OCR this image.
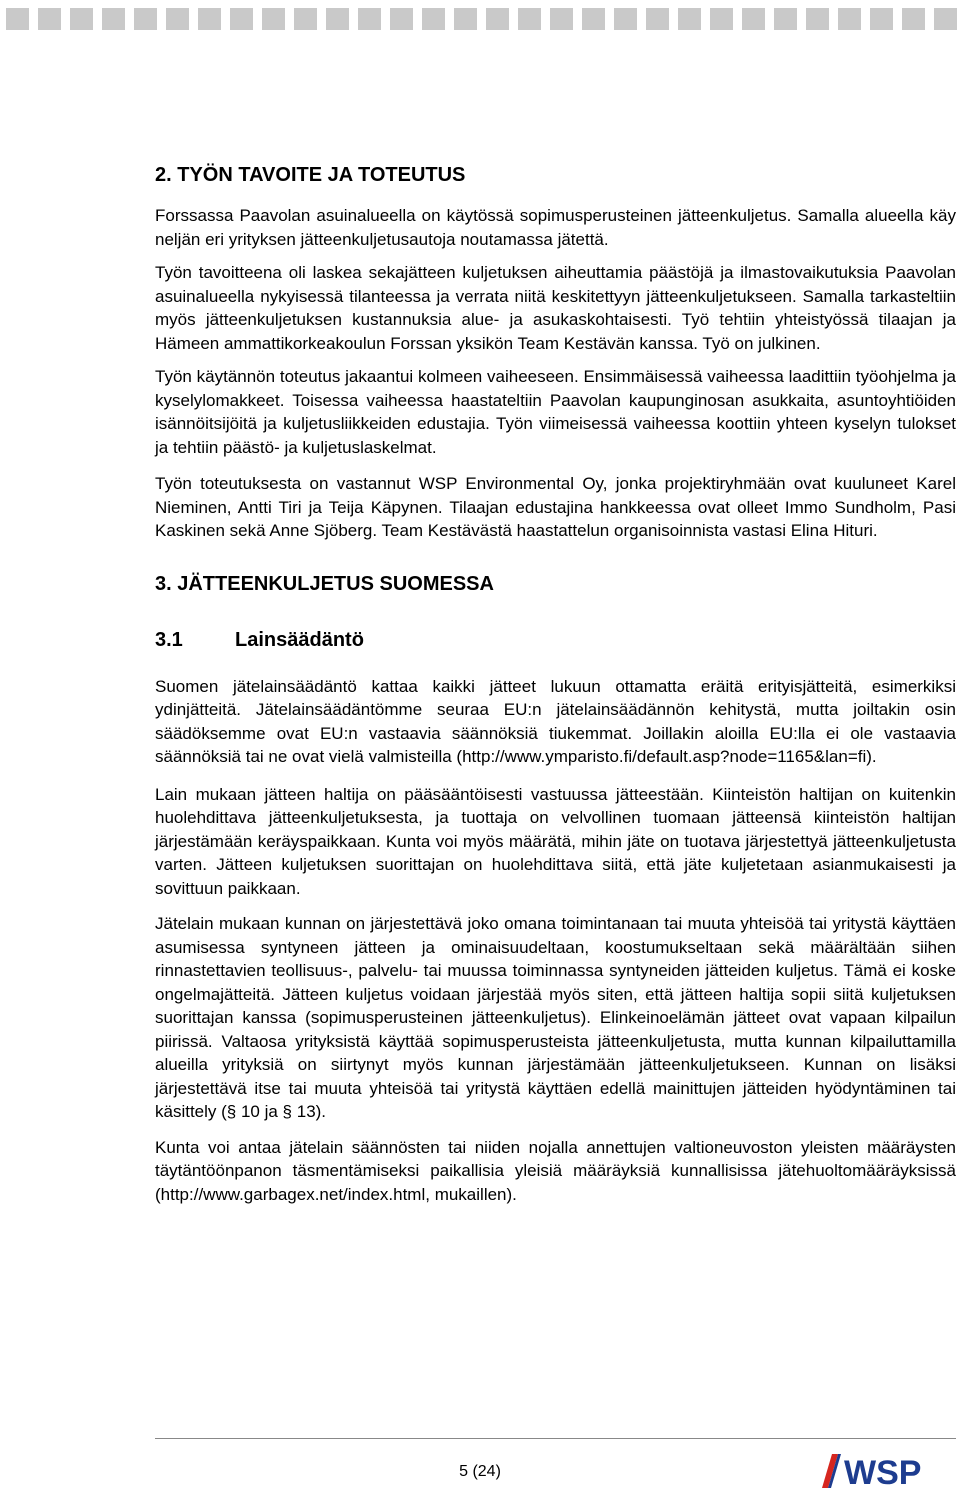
2. TYÖN TAVOITE JA TOTEUTUS

Forssassa Paavolan asuinalueella on käytössä sopimusperusteinen jätteenkuljetus. Samalla alueella käy neljän eri yrityksen jätteenkuljetusautoja noutamassa jätettä.

Työn tavoitteena oli laskea sekajätteen kuljetuksen aiheuttamia päästöjä ja ilmastovaikutuksia Paavolan asuinalueella nykyisessä tilanteessa ja verrata niitä keskitettyyn jätteenkuljetukseen. Samalla tarkasteltiin myös jätteenkuljetuksen kustannuksia alue- ja asukaskohtaisesti. Työ tehtiin yhteistyössä tilaajan ja Hämeen ammattikorkeakoulun Forssan yksikön Team Kestävän kanssa. Työ on julkinen.

Työn käytännön toteutus jakaantui kolmeen vaiheeseen. Ensimmäisessä vaiheessa laadittiin työohjelma ja kyselylomakkeet. Toisessa vaiheessa haastateltiin Paavolan kaupunginosan asukkaita, asuntoyhtiöiden isännöitsijöitä ja kuljetusliikkeiden edustajia. Työn viimeisessä vaiheessa koottiin yhteen kyselyn tulokset ja tehtiin päästö- ja kuljetuslaskelmat.

Työn toteutuksesta on vastannut WSP Environmental Oy, jonka projektiryhmään ovat kuuluneet Karel Nieminen, Antti Tiri ja Teija Käpynen. Tilaajan edustajina hankkeessa ovat olleet Immo Sundholm, Pasi Kaskinen sekä Anne Sjöberg. Team Kestävästä haastattelun organisoinnista vastasi Elina Hituri.

3. JÄTTEENKULJETUS SUOMESSA
3.1	Lainsäädäntö

Suomen jätelainsäädäntö kattaa kaikki jätteet lukuun ottamatta eräitä erityisjätteitä, esimerkiksi ydinjätteitä. Jätelainsäädäntömme seuraa EU:n jätelainsäädännön kehitystä, mutta joiltakin osin säädöksemme ovat EU:n vastaavia säännöksiä tiukemmat. Joillakin aloilla EU:lla ei ole vastaavia säännöksiä tai ne ovat vielä valmisteilla (http://www.ymparisto.fi/default.asp?node=1165&lan=fi).

Lain mukaan jätteen haltija on pääsääntöisesti vastuussa jätteestään. Kiinteistön haltijan on kuitenkin huolehdittava jätteenkuljetuksesta, ja tuottaja on velvollinen tuomaan jätteensä kiinteistön haltijan järjestämään keräyspaikkaan. Kunta voi myös määrätä, mihin jäte on tuotava järjestettyä jätteenkuljetusta varten. Jätteen kuljetuksen suorittajan on huolehdittava siitä, että jäte kuljetetaan asianmukaisesti ja sovittuun paikkaan.

Jätelain mukaan kunnan on järjestettävä joko omana toimintanaan tai muuta yhteisöä tai yritystä käyttäen asumisessa syntyneen jätteen ja ominaisuudeltaan, koostumukseltaan sekä määrältään siihen rinnastettavien teollisuus-, palvelu- tai muussa toiminnassa syntyneiden jätteiden kuljetus. Tämä ei koske ongelmajätteitä. Jätteen kuljetus voidaan järjestää myös siten, että jätteen haltija sopii siitä kuljetuksen suorittajan kanssa (sopimusperusteinen jätteenkuljetus). Elinkeinoelämän jätteet ovat vapaan kilpailun piirissä. Valtaosa yrityksistä käyttää sopimusperusteista jätteenkuljetusta, mutta kunnan kilpailuttamilla alueilla yrityksiä on siirtynyt myös kunnan järjestämään jätteenkuljetukseen. Kunnan on lisäksi järjestettävä itse tai muuta yhteisöä tai yritystä käyttäen edellä mainittujen jätteiden hyödyntäminen tai käsittely (§ 10 ja § 13).

Kunta voi antaa jätelain säännösten tai niiden nojalla annettujen valtioneuvoston yleisten määräysten täytäntöönpanon täsmentämiseksi paikallisia yleisiä määräyksiä kunnallisissa jätehuoltomääräyksissä (http://www.garbagex.net/index.html, mukaillen).

5 (24)	WSP
